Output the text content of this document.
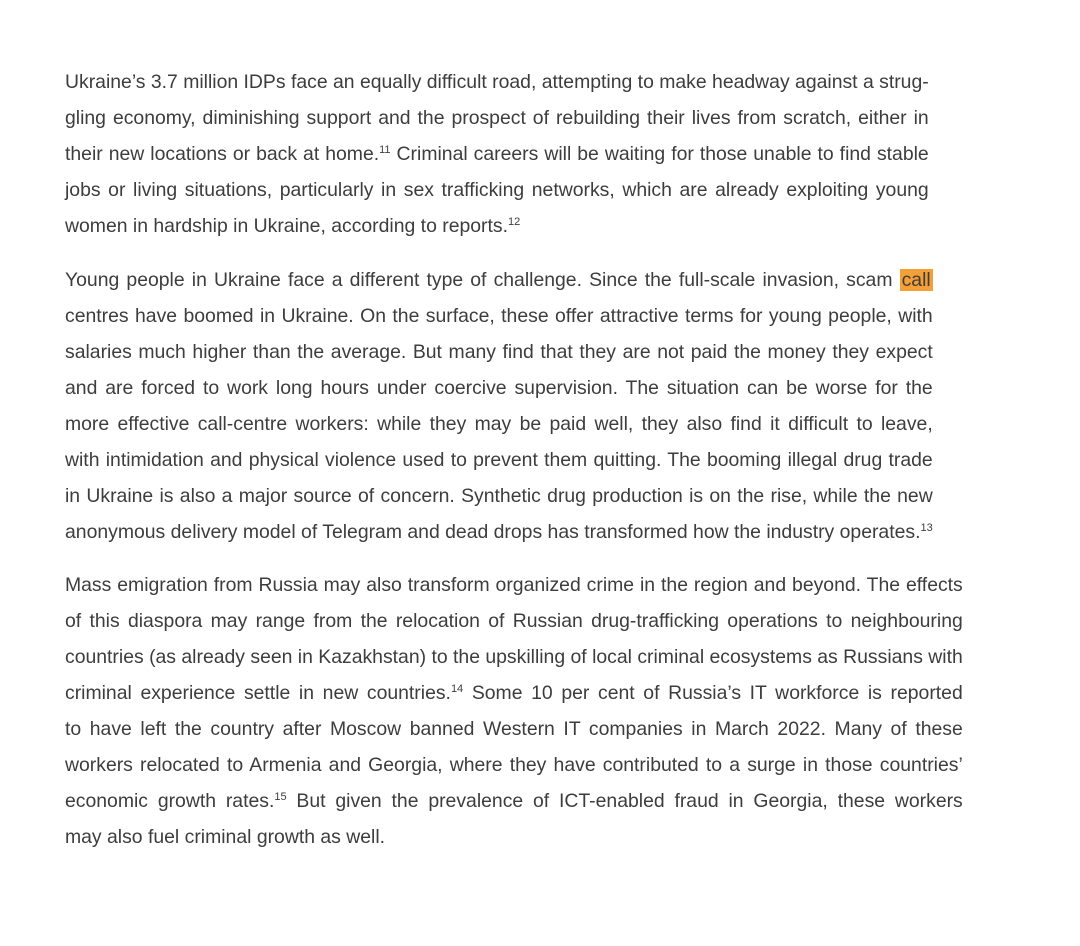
Ukraine’s 3.7 million IDPs face an equally difficult road, attempting to make headway against a strug-
gling economy, diminishing support and the prospect of rebuilding their lives from scratch, either in
their new locations or back at home.$^{11}$ Criminal careers will be waiting for those unable to find stable
jobs or living situations, particularly in sex trafficking networks, which are already exploiting young
women in hardship in Ukraine, according to reports.$^{12}$

Young people in Ukraine face a different type of challenge. Since the full-scale invasion, scam call
centres have boomed in Ukraine. On the surface, these offer attractive terms for young people, with
salaries much higher than the average. But many find that they are not paid the money they expect
and are forced to work long hours under coercive supervision. The situation can be worse for the
more effective call-centre workers: while they may be paid well, they also find it difficult to leave,
with intimidation and physical violence used to prevent them quitting. The booming illegal drug trade
in Ukraine is also a major source of concern. Synthetic drug production is on the rise, while the new
anonymous delivery model of Telegram and dead drops has transformed how the industry operates.$^{13}$

Mass emigration from Russia may also transform organized crime in the region and beyond. The effects
of this diaspora may range from the relocation of Russian drug-trafficking operations to neighbouring
countries (as already seen in Kazakhstan) to the upskilling of local criminal ecosystems as Russians with
criminal experience settle in new countries.$^{14}$ Some 10 per cent of Russia’s IT workforce is reported
to have left the country after Moscow banned Western IT companies in March 2022. Many of these
workers relocated to Armenia and Georgia, where they have contributed to a surge in those countries’
economic growth rates.$^{15}$ But given the prevalence of ICT-enabled fraud in Georgia, these workers
may also fuel criminal growth as well.
